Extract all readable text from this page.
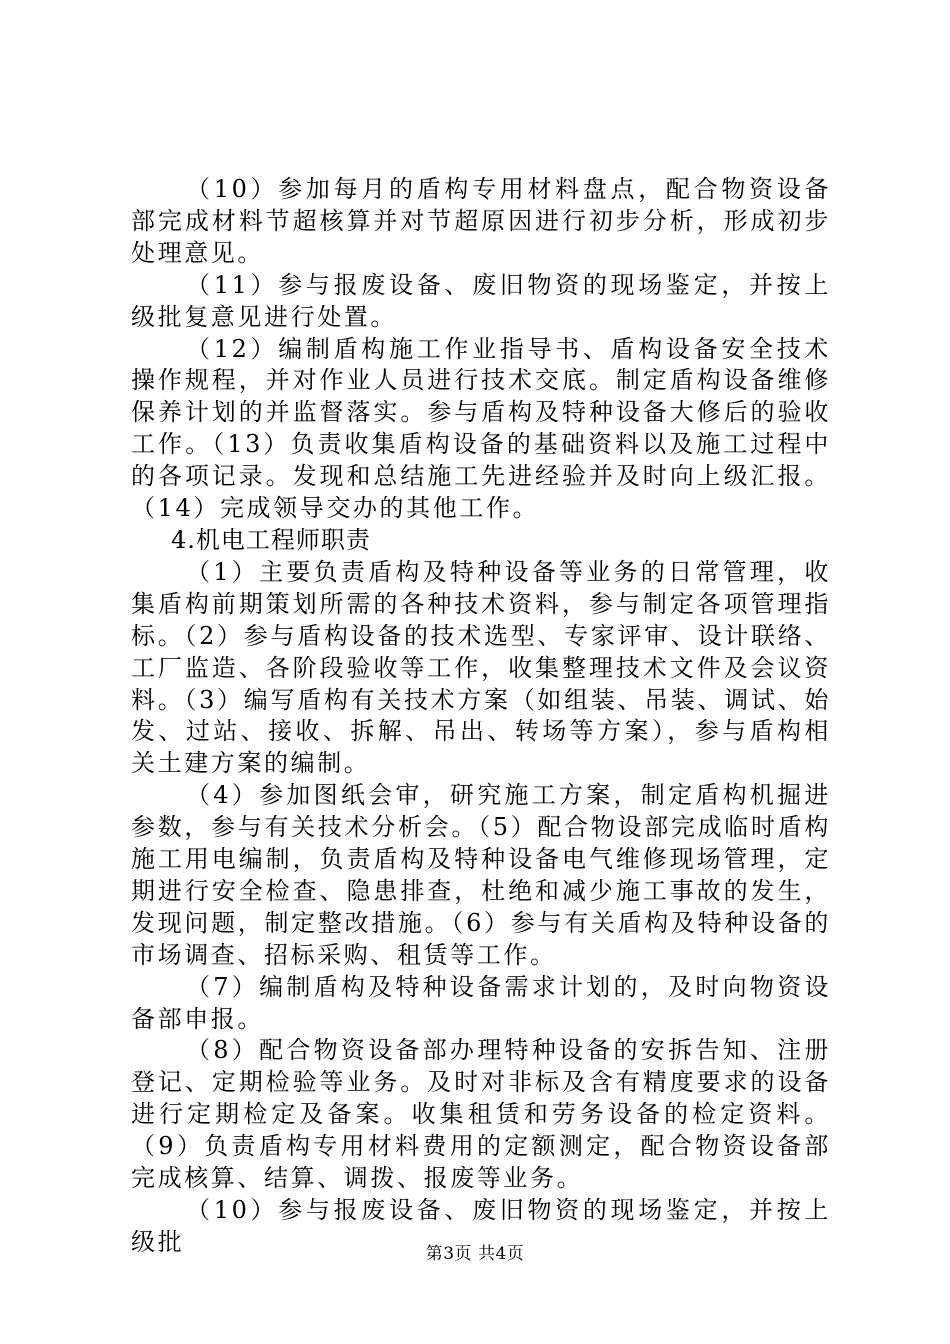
（10）参加每月的盾构专用材料盘点，配合物资设备部完成材料节超核算并对节超原因进行初步分析，形成初步处理意见。

（11）参与报废设备、废旧物资的现场鉴定，并按上级批复意见进行处置。

（12）编制盾构施工作业指导书、盾构设备安全技术操作规程，并对作业人员进行技术交底。制定盾构设备维修保养计划的并监督落实。参与盾构及特种设备大修后的验收工作。（13）负责收集盾构设备的基础资料以及施工过程中的各项记录。发现和总结施工先进经验并及时向上级汇报。（14）完成领导交办的其他工作。

4.机电工程师职责

（1）主要负责盾构及特种设备等业务的日常管理，收集盾构前期策划所需的各种技术资料，参与制定各项管理指标。（2）参与盾构设备的技术选型、专家评审、设计联络、工厂监造、各阶段验收等工作，收集整理技术文件及会议资料。（3）编写盾构有关技术方案（如组装、吊装、调试、始发、过站、接收、拆解、吊出、转场等方案），参与盾构相关土建方案的编制。

（4）参加图纸会审，研究施工方案，制定盾构机掘进参数，参与有关技术分析会。（5）配合物设部完成临时盾构施工用电编制，负责盾构及特种设备电气维修现场管理，定期进行安全检查、隐患排查，杜绝和减少施工事故的发生，发现问题，制定整改措施。（6）参与有关盾构及特种设备的市场调查、招标采购、租赁等工作。

（7）编制盾构及特种设备需求计划的，及时向物资设备部申报。

（8）配合物资设备部办理特种设备的安拆告知、注册登记、定期检验等业务。及时对非标及含有精度要求的设备进行定期检定及备案。收集租赁和劳务设备的检定资料。（9）负责盾构专用材料费用的定额测定，配合物资设备部完成核算、结算、调拨、报废等业务。

（10）参与报废设备、废旧物资的现场鉴定，并按上级批	第3页 共4页
